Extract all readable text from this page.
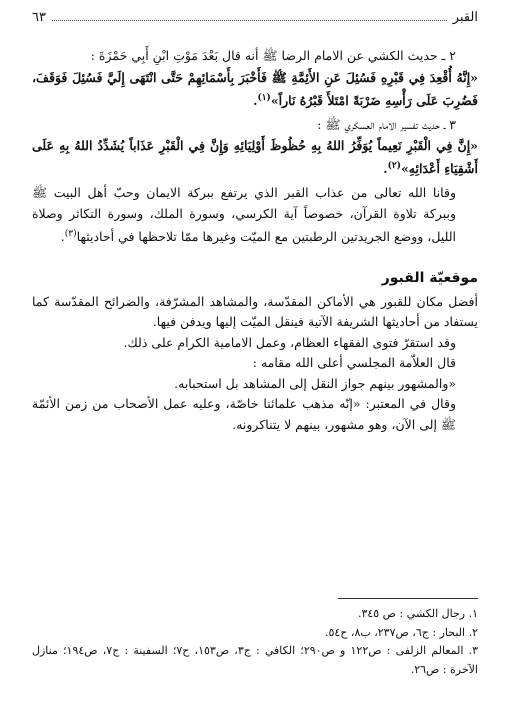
القبر
٦٣

٢ ـ حديث الكشي عن الامام الرضا ﷺ أنه قال بَعْدَ مَوْتِ ابْنِ أَبِي حَمْزَةَ :

«إِنَّهُ أُقْعِدَ فِي قَبْرِهِ فَسُئِلَ عَنِ الأَئِمَّةِ ﷺ فَأَخْبَرَ بِأَسْمَائِهِمْ حَتَّى انْتَهَى إِلَيَّ فَسُئِلَ فَوَقَفَ، فَضُرِبَ عَلَى رَأْسِهِ ضَرْبَةً امْتَلأَ قَبْرُهُ نَاراً»$^{(١)}$.

٣ ـ حديث تفسير الامام العسكري ﷺ :

«إِنَّ فِي الْقَبْرِ نَعِيماً يُوَفِّرُ اللهُ بِهِ حُظُوظَ أَوْلِيَائِهِ وَإِنَّ فِي الْقَبْرِ عَذَاباً يُشَدِّدُ اللهُ بِهِ عَلَى أَشْقِيَاءِ أَعْدَائِهِ»$^{(٢)}$.

وقانا الله تعالى من عذاب القبر الذي يرتفع ببركة الايمان وحبّ أهل البيت ﷺ وببركة تلاوة القرآن، خصوصاً آية الكرسي، وسورة الملك، وسورة التكاثر وصلاة الليل، ووضع الجريدتين الرطبتين مع الميّت وغيرها ممّا تلاحظها في أحاديثها$^{(٣)}$.

موقعيّة القبور

أفضل مكان للقبور هي الأماكن المقدّسة، والمشاهد المشرّفة، والضرائح المقدّسة كما يستفاد من أحاديثها الشريفة الآتية فينقل الميّت إليها ويدفن فيها.

وقد استقرّ فتوى الفقهاء العظام، وعمل الامامية الكرام على ذلك.

قال العلاّمة المجلسي أعلى الله مقامه :

«والمشهور بينهم جواز النقل إلى المشاهد بل استحبابه.

وقال في المعتبر: «إنّه مذهب علمائنا خاصّة، وعليه عمل الأصحاب من زمن الأئمّة ﷺ إلى الآن، وهو مشهور، بينهم لا يتناكرونه.

١. رجال الكشي : ص ٣٤٥.

٢. البحار : ج٦، ص٢٣٧، ب٨، ح٥٤.

٣. المعالم الزلفى : ص١٢٢ و ص٢٩٠؛ الكافي : ج٣، ص١٥٣، ح٧؛ السفينة : ج٧، ص١٩٤؛ منازل الآخرة : ص٢٦.
